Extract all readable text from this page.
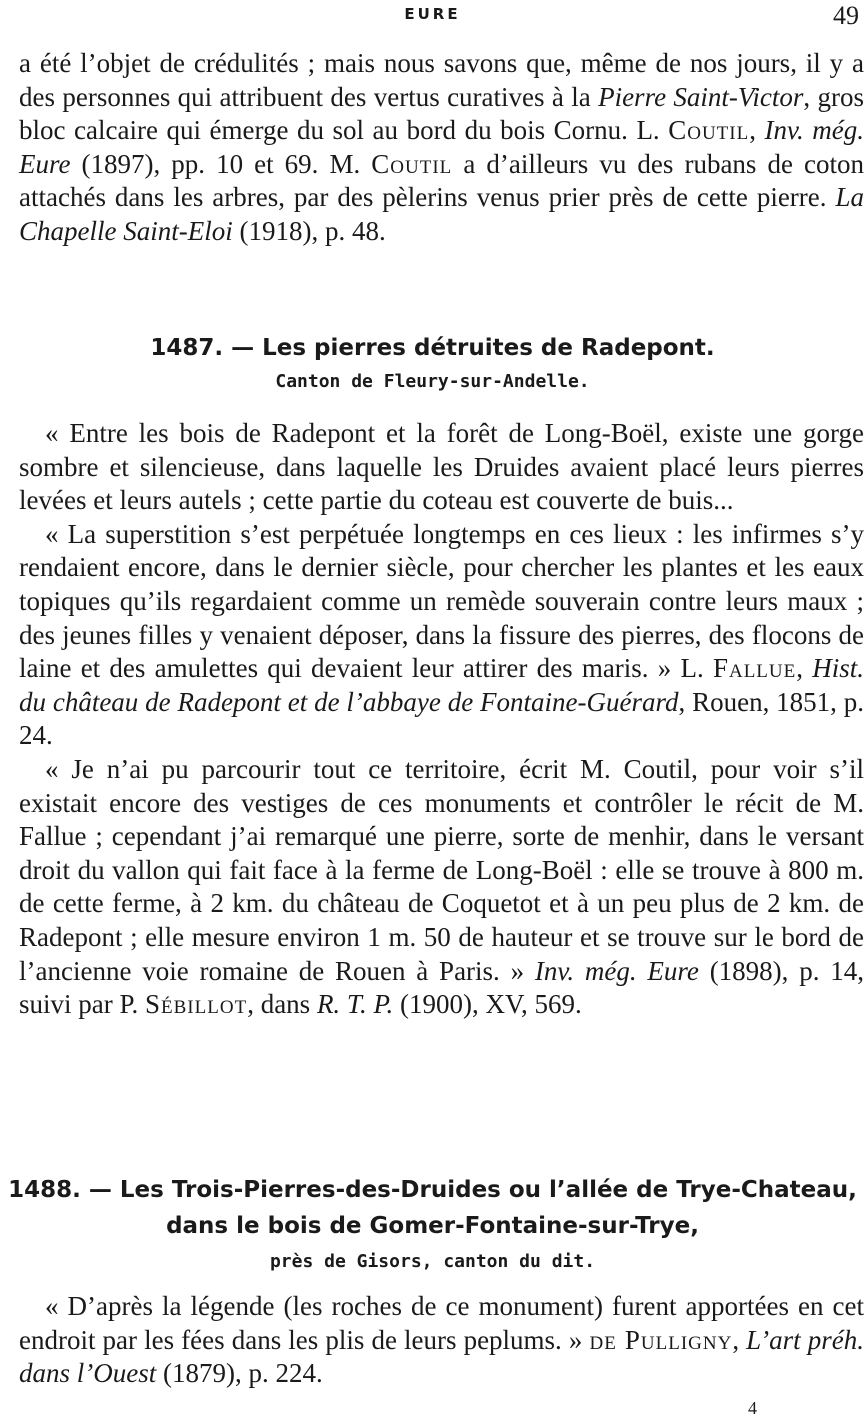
EURE	49

a été l’objet de crédulités ; mais nous savons que, même de nos jours, il y a des personnes qui attribuent des vertus curatives à la Pierre Saint-Victor, gros bloc calcaire qui émerge du sol au bord du bois Cornu. L. Coutil, Inv. még. Eure (1897), pp. 10 et 69. M. Coutil a d’ailleurs vu des rubans de coton attachés dans les arbres, par des pèlerins venus prier près de cette pierre. La Chapelle Saint-Eloi (1918), p. 48.

1487. — Les pierres détruites de Radepont.
Canton de Fleury-sur-Andelle.

« Entre les bois de Radepont et la forêt de Long-Boël, existe une gorge sombre et silencieuse, dans laquelle les Druides avaient placé leurs pierres levées et leurs autels ; cette partie du coteau est couverte de buis...

« La superstition s’est perpétuée longtemps en ces lieux : les infirmes s’y rendaient encore, dans le dernier siècle, pour chercher les plantes et les eaux topiques qu’ils regardaient comme un remède souverain contre leurs maux ; des jeunes filles y venaient déposer, dans la fissure des pierres, des flocons de laine et des amulettes qui devaient leur attirer des maris. » L. Fallue, Hist. du château de Radepont et de l’abbaye de Fontaine-Guérard, Rouen, 1851, p. 24.

« Je n’ai pu parcourir tout ce territoire, écrit M. Coutil, pour voir s’il existait encore des vestiges de ces monuments et contrôler le récit de M. Fallue ; cependant j’ai remarqué une pierre, sorte de menhir, dans le versant droit du vallon qui fait face à la ferme de Long-Boël : elle se trouve à 800 m. de cette ferme, à 2 km. du château de Coquetot et à un peu plus de 2 km. de Radepont ; elle mesure environ 1 m. 50 de hauteur et se trouve sur le bord de l’ancienne voie romaine de Rouen à Paris. » Inv. még. Eure (1898), p. 14, suivi par P. Sébillot, dans R. T. P. (1900), XV, 569.

1488. — Les Trois-Pierres-des-Druides ou l’allée de Trye-Chateau,
dans le bois de Gomer-Fontaine-sur-Trye,
près de Gisors, canton du dit.

« D’après la légende (les roches de ce monument) furent apportées en cet endroit par les fées dans les plis de leurs peplums. » de Pulligny, L’art préh. dans l’Ouest (1879), p. 224.

4
